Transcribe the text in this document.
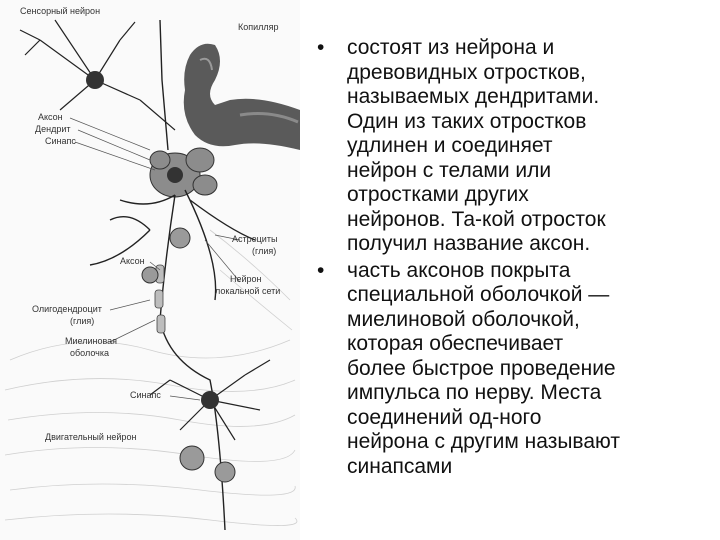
Сенсорный нейрон
Копилляр
Аксон
Дендрит
Синапс
Астроциты
(глия)
Аксон
Нейрон
локальной сети
Олигодендроцит
(глия)
Миелиновая
оболочка
Синапс
Двигательный нейрон
• состоят из нейрона и
древовидных отростков,
называемых дендритами.
Один из таких отростков
удлинен и соединяет
нейрон с телами или
отростками других
нейронов. Та-кой отросток
получил название аксон.
• часть аксонов покрыта
специальной оболочкой —
миелиновой оболочкой,
которая обеспечивает
более быстрое проведение
импульса по нерву. Места
соединений од-ного
нейрона с другим называют
синапсами
